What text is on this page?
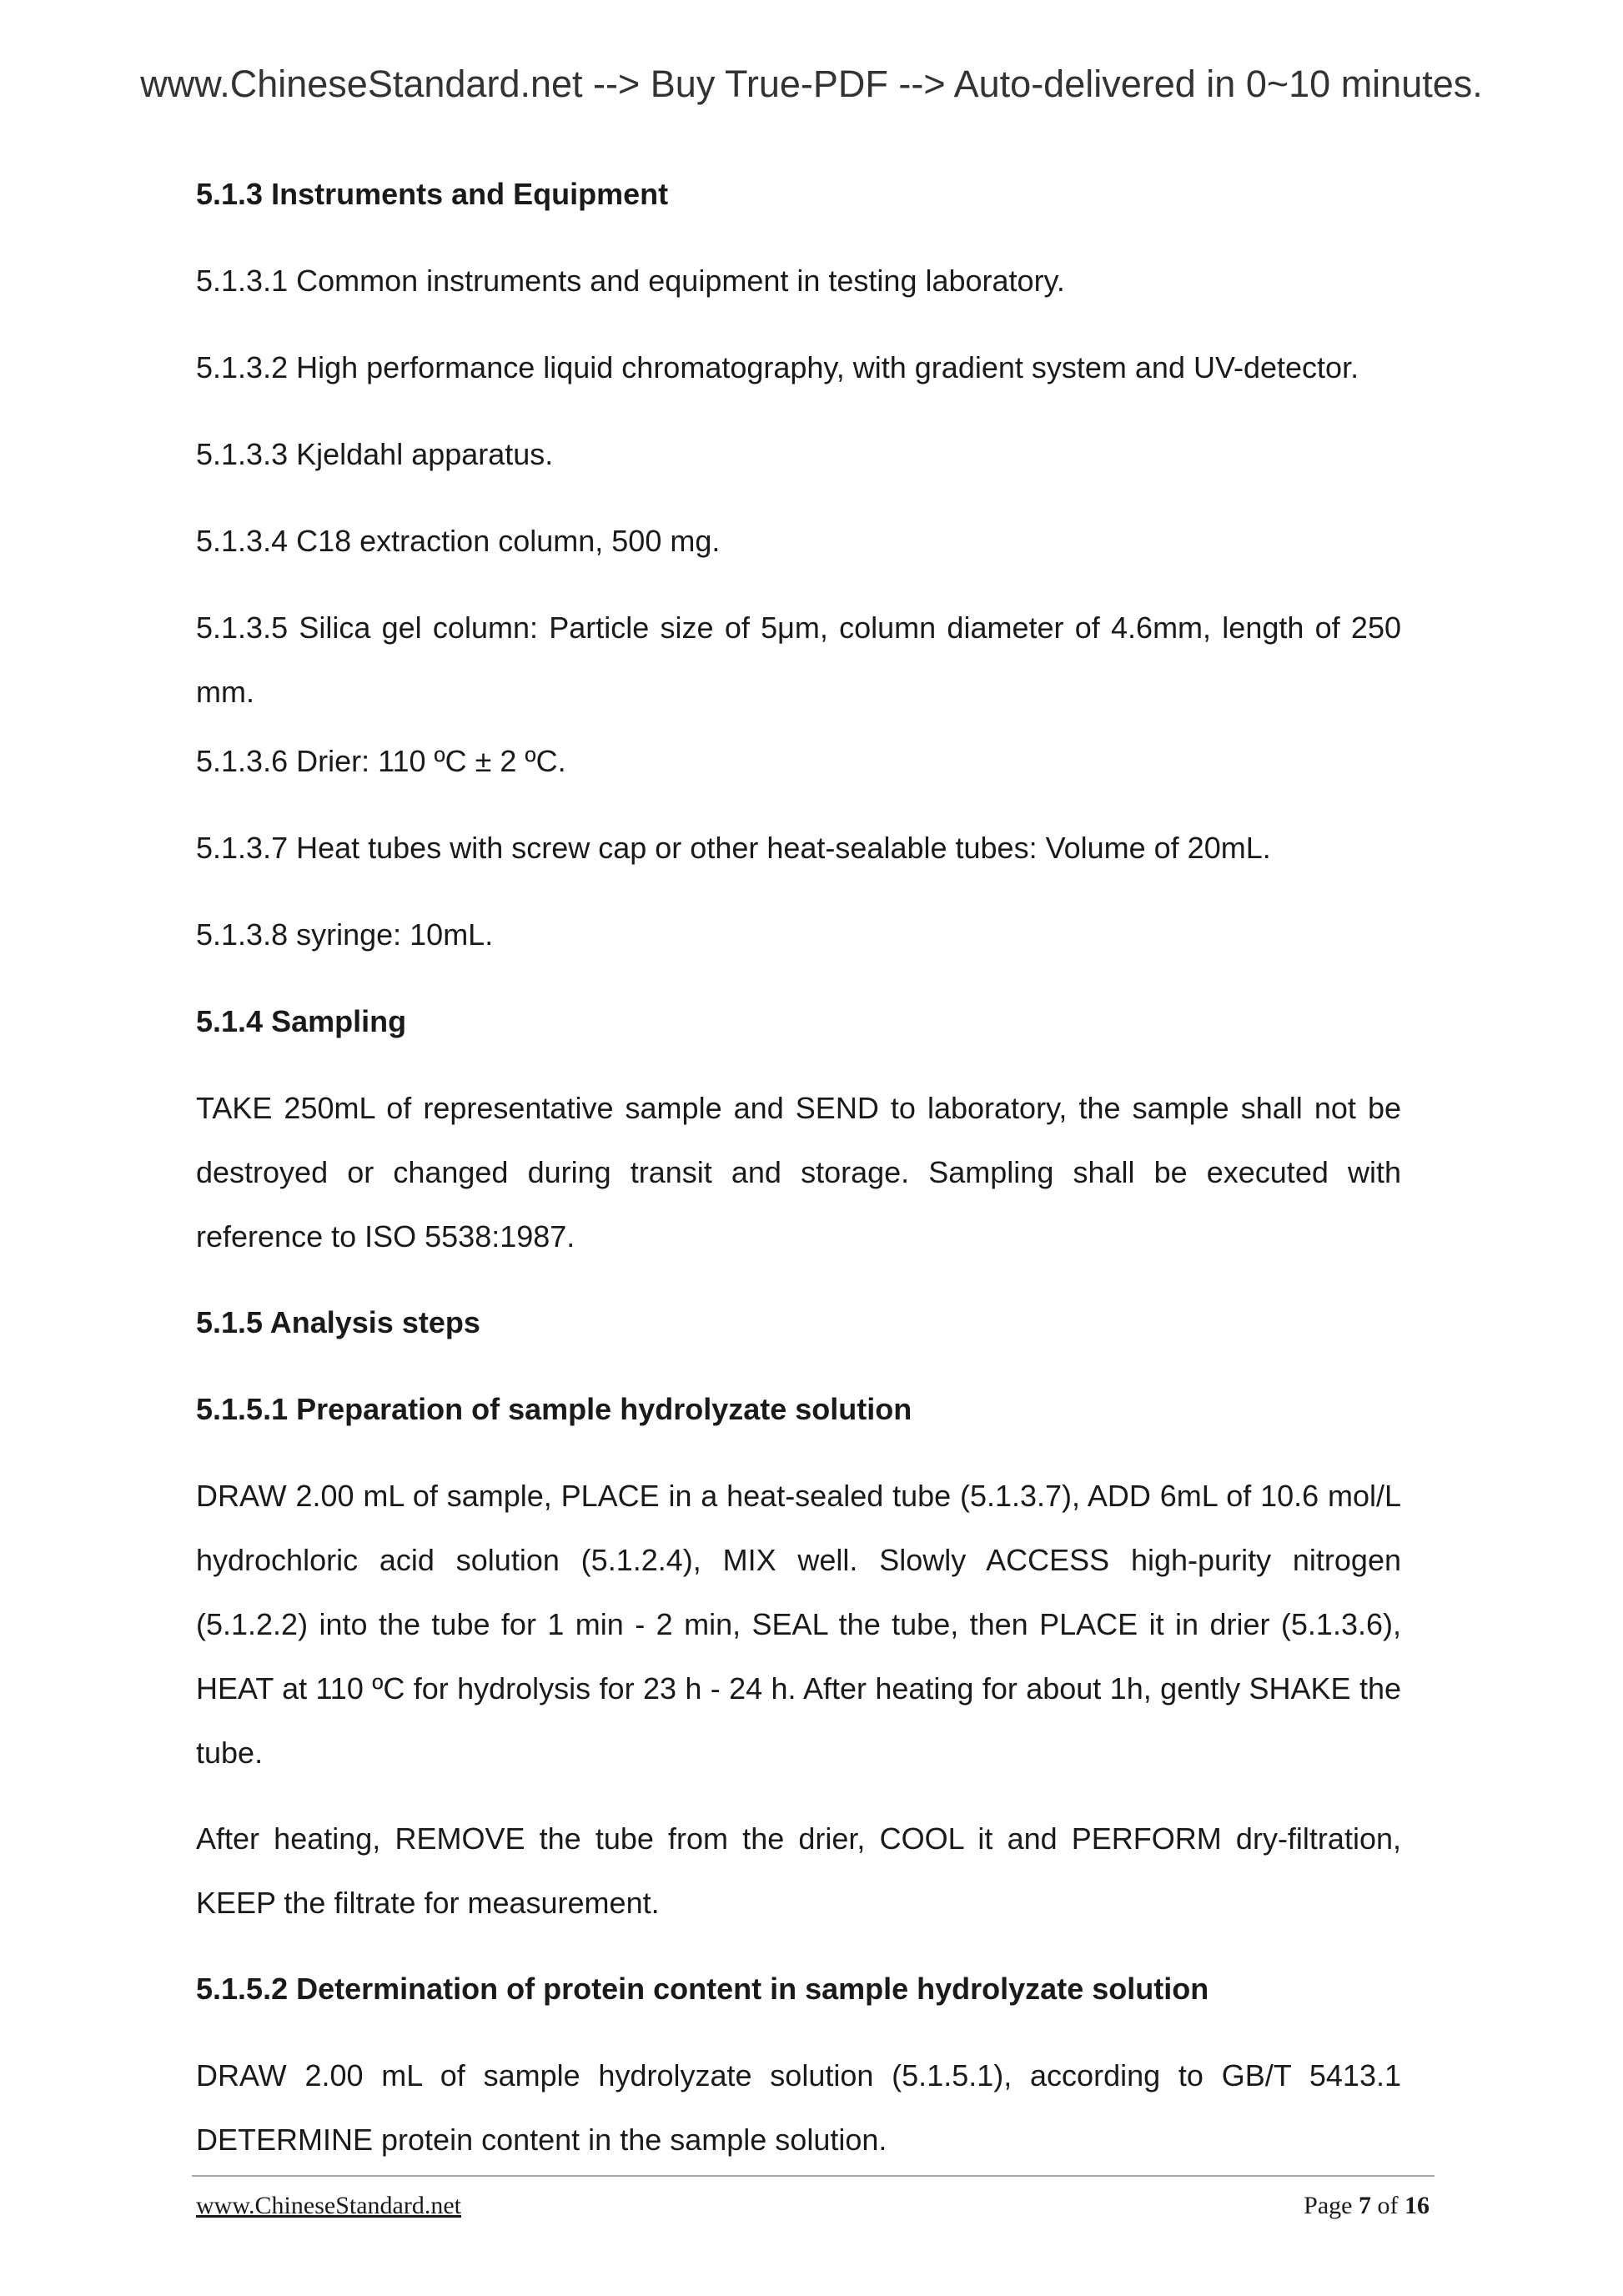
www.ChineseStandard.net --> Buy True-PDF --> Auto-delivered in 0~10 minutes.
5.1.3 Instruments and Equipment
5.1.3.1 Common instruments and equipment in testing laboratory.
5.1.3.2 High performance liquid chromatography, with gradient system and UV-detector.
5.1.3.3 Kjeldahl apparatus.
5.1.3.4 C18 extraction column, 500 mg.
5.1.3.5 Silica gel column: Particle size of 5μm, column diameter of 4.6mm, length of 250 mm.
5.1.3.6 Drier: 110 ºC ± 2 ºC.
5.1.3.7 Heat tubes with screw cap or other heat-sealable tubes: Volume of 20mL.
5.1.3.8 syringe: 10mL.
5.1.4 Sampling
TAKE 250mL of representative sample and SEND to laboratory, the sample shall not be destroyed or changed during transit and storage. Sampling shall be executed with reference to ISO 5538:1987.
5.1.5 Analysis steps
5.1.5.1 Preparation of sample hydrolyzate solution
DRAW 2.00 mL of sample, PLACE in a heat-sealed tube (5.1.3.7), ADD 6mL of 10.6 mol/L hydrochloric acid solution (5.1.2.4), MIX well. Slowly ACCESS high-purity nitrogen (5.1.2.2) into the tube for 1 min - 2 min, SEAL the tube, then PLACE it in drier (5.1.3.6), HEAT at 110 ºC for hydrolysis for 23 h - 24 h. After heating for about 1h, gently SHAKE the tube.
After heating, REMOVE the tube from the drier, COOL it and PERFORM dry-filtration, KEEP the filtrate for measurement.
5.1.5.2 Determination of protein content in sample hydrolyzate solution
DRAW 2.00 mL of sample hydrolyzate solution (5.1.5.1), according to GB/T 5413.1 DETERMINE protein content in the sample solution.
www.ChineseStandard.net	Page 7 of 16
